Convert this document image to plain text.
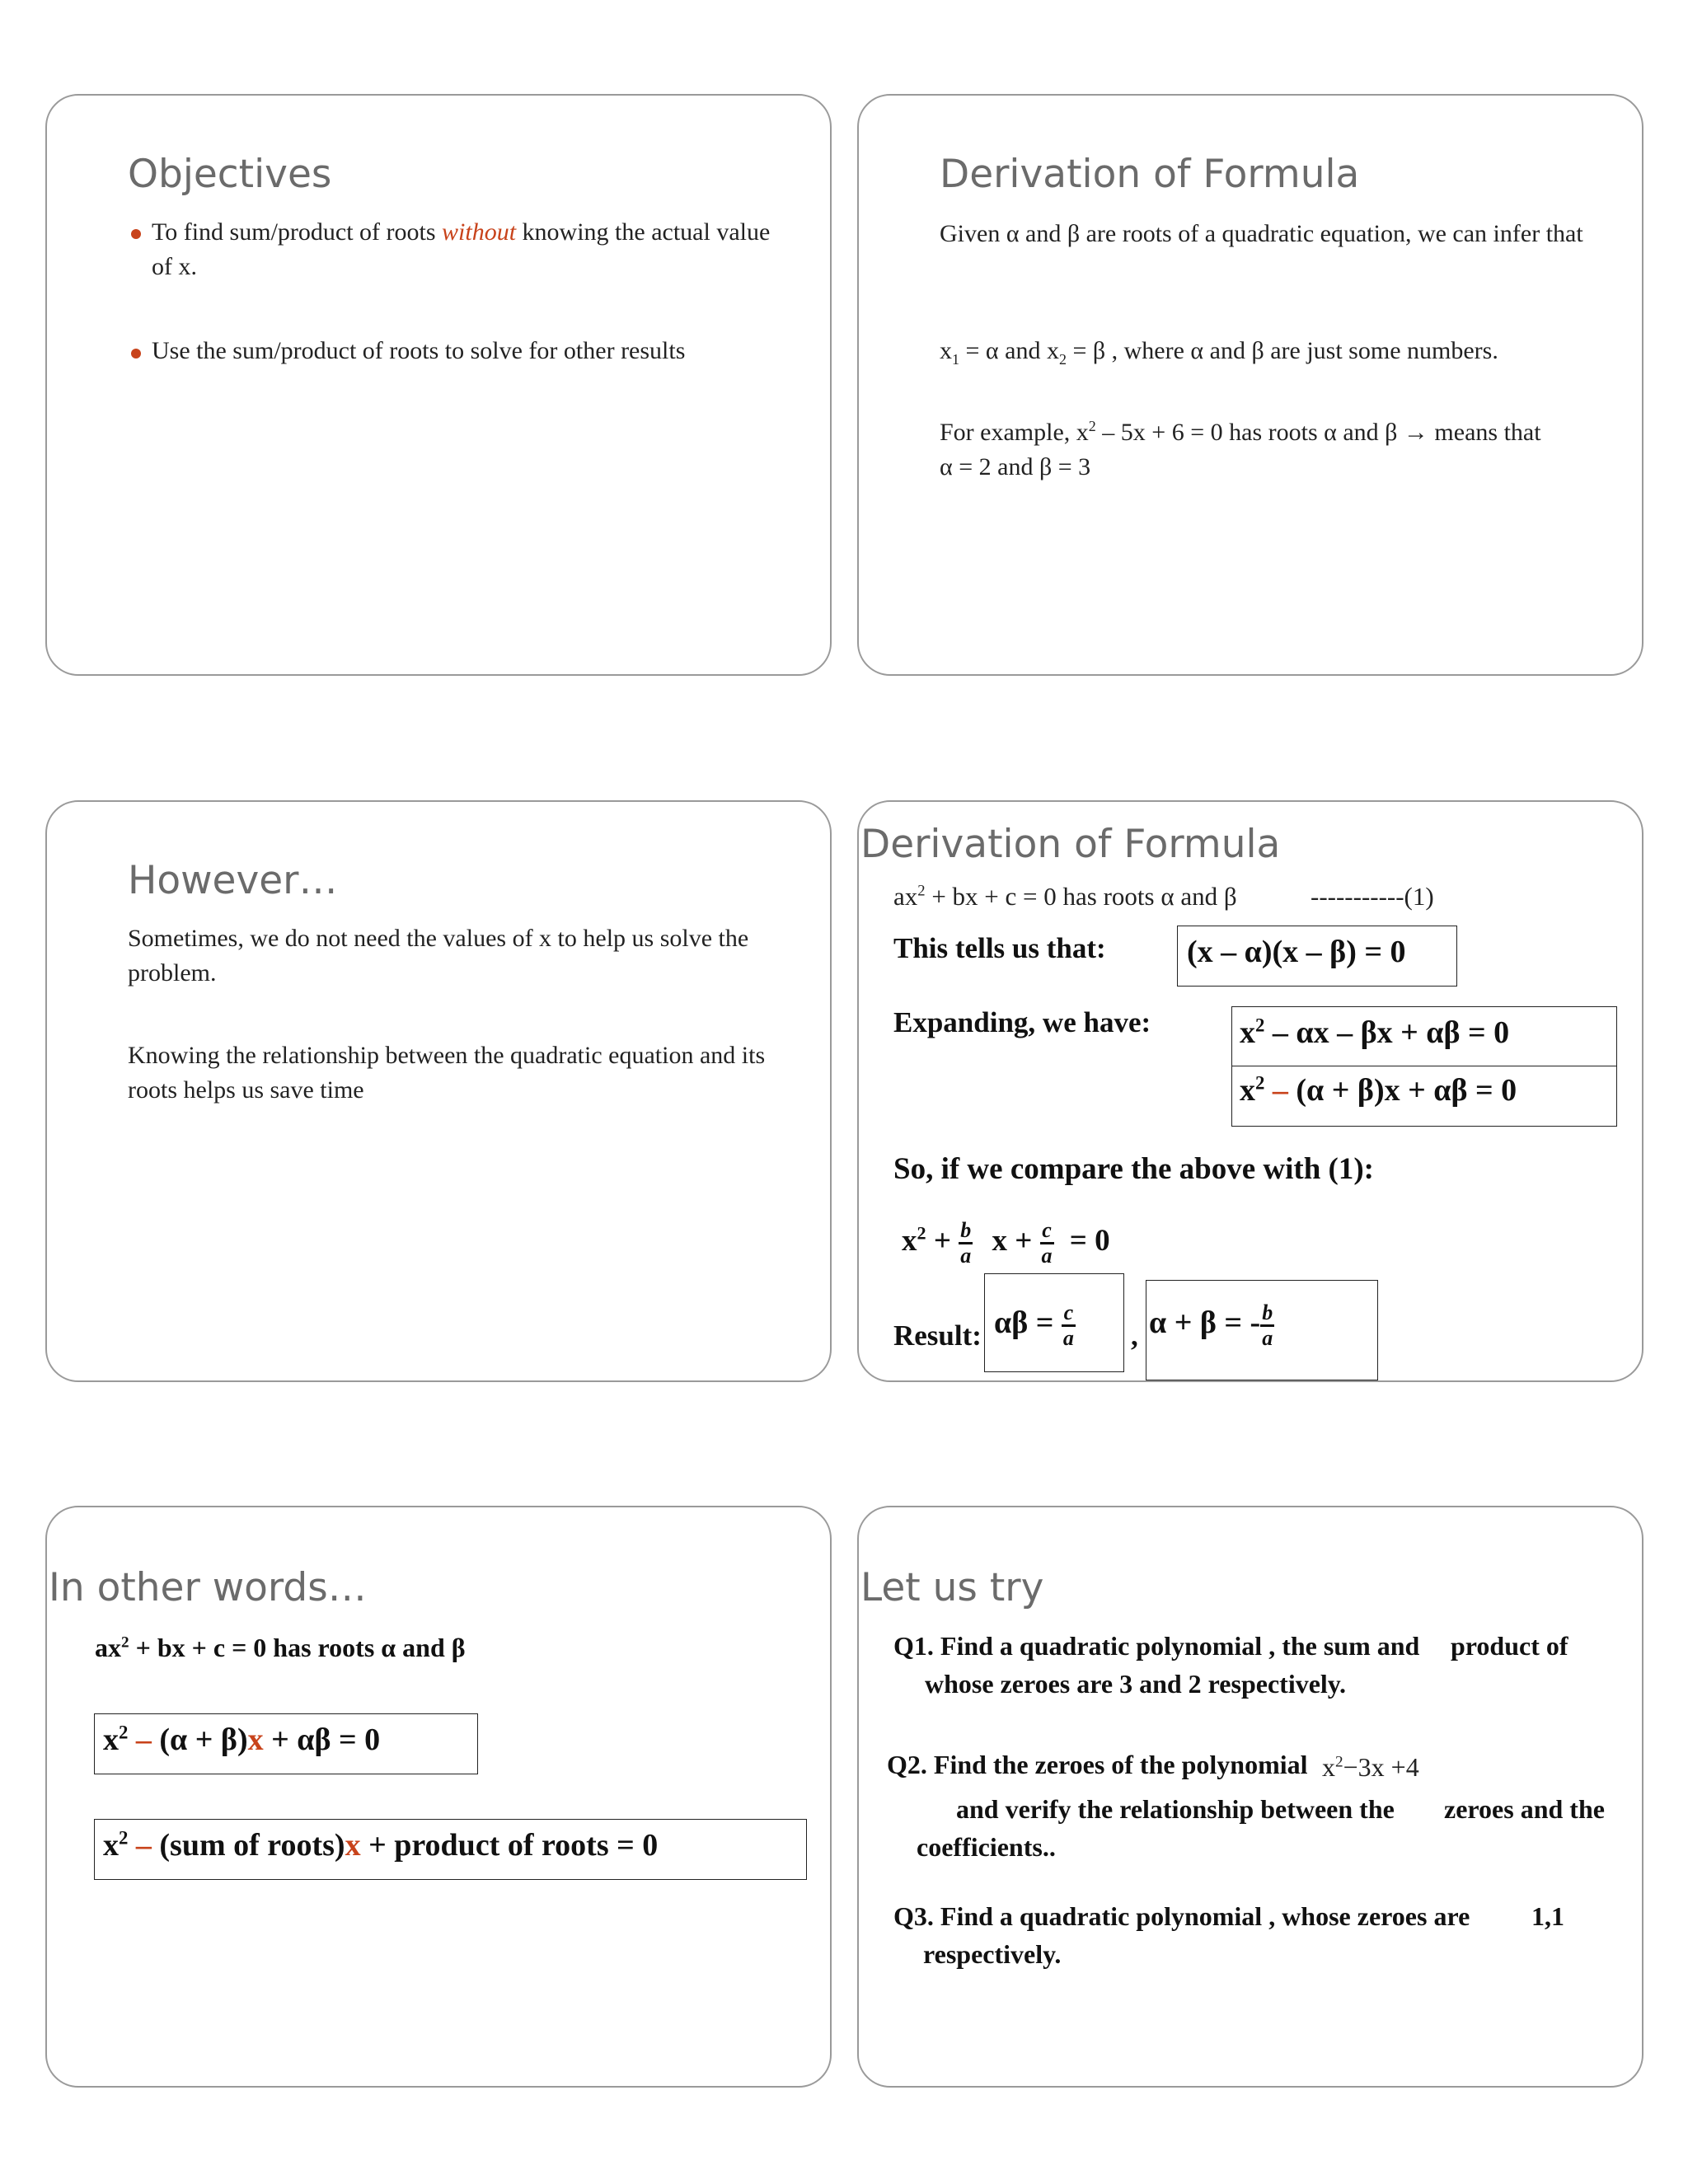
Objectives
To find sum/product of roots without knowing the actual value of x.
Use the sum/product of roots to solve for other results
Derivation of Formula
Given α and β are roots of a quadratic equation, we can infer that
$x_1 = \alpha$ and $x_2 = \beta$ , where α and β are just some numbers.
For example, $x^2 - 5x + 6 = 0$ has roots α and β → means that
α = 2 and β = 3
However…
Sometimes, we do not need the values of x to help us solve the problem.
Knowing the relationship between the quadratic equation and its roots helps us save time
Derivation of Formula
$ax^2$ + bx + c = 0 has roots α and β	-----------(1)
This tells us that:	(x – α)(x – β) = 0
Expanding, we have:	$x^2 - \alpha x - \beta x + \alpha\beta = 0$
$x^2 - (\alpha + \beta)x + \alpha\beta = 0$
So, if we compare the above with (1):
$x^2 + \frac{b}{a}$ $x + \frac{c}{a} = 0$
Result: $\alpha\beta = \frac{c}{a}$ , α + β = - $\frac{b}{a}$
In other words…
$ax^2$ + bx + c = 0 has roots α and β
$x^2 - (\alpha + \beta)x + \alpha\beta = 0$
$x^2 - (sum$ of roots)x + product of roots = 0
Let us try
Q1. Find a quadratic polynomial , the sum and product of
whose zeroes are 3 and 2 respectively.
Q2. Find the zeroes of the polynomial $x^2-3x +4$
and verify the relationship between the zeroes and the
coefficients..
Q3. Find a quadratic polynomial , whose zeroes are 1,1
respectively.
